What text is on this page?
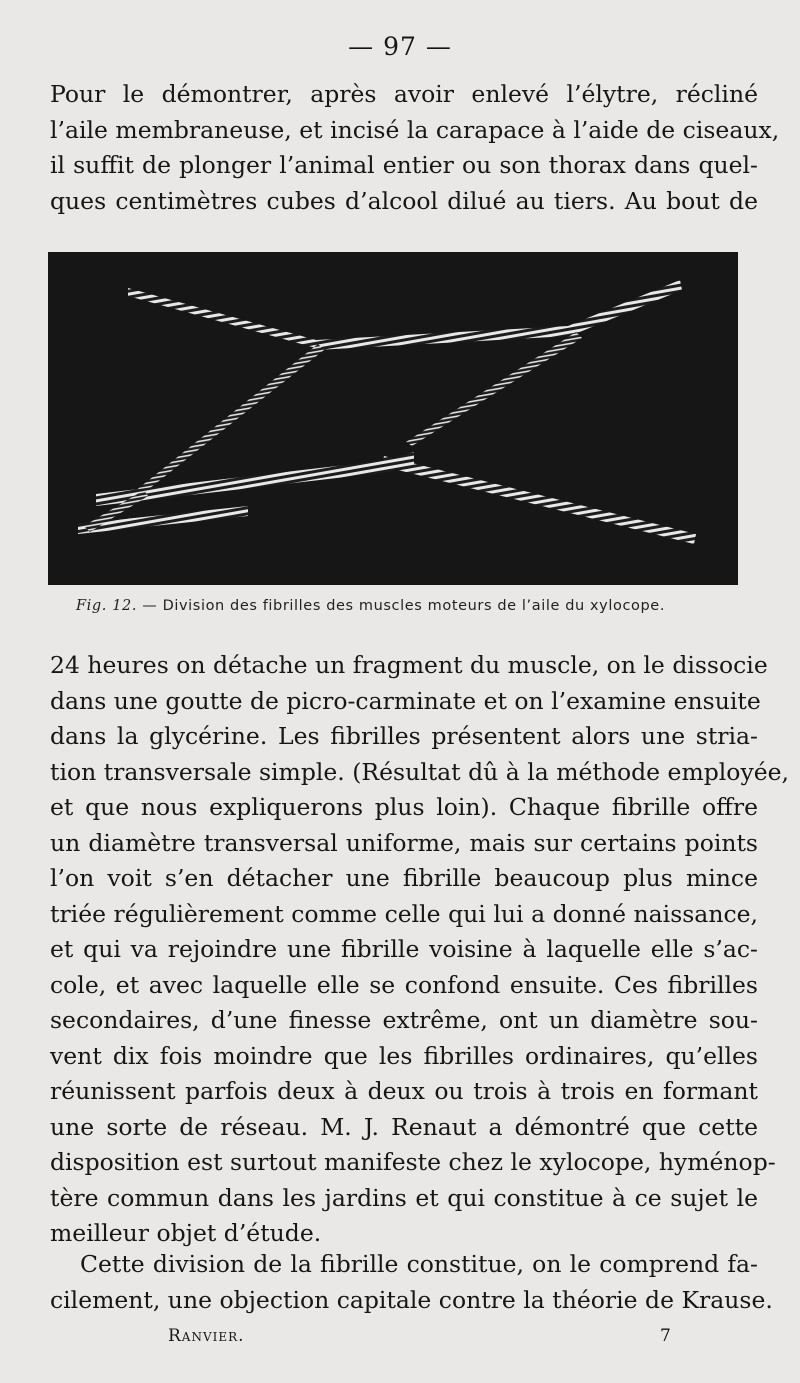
— 97 —

Pour le démontrer, après avoir enlevé l’élytre, récliné
l’aile membraneuse, et incisé la carapace à l’aide de ciseaux,
il suffit de plonger l’animal entier ou son thorax dans quel-
ques centimètres cubes d’alcool dilué au tiers. Au bout de

Fig. 12. — Division des fibrilles des muscles moteurs de l’aile du xylocope.

24 heures on détache un fragment du muscle, on le dissocie
dans une goutte de picro-carminate et on l’examine ensuite
dans la glycérine. Les fibrilles présentent alors une stria-
tion transversale simple. (Résultat dû à la méthode employée,
et que nous expliquerons plus loin). Chaque fibrille offre
un diamètre transversal uniforme, mais sur certains points
l’on voit s’en détacher une fibrille beaucoup plus mince
triée régulièrement comme celle qui lui a donné naissance,
et qui va rejoindre une fibrille voisine à laquelle elle s’ac-
cole, et avec laquelle elle se confond ensuite. Ces fibrilles
secondaires, d’une finesse extrême, ont un diamètre sou-
vent dix fois moindre que les fibrilles ordinaires, qu’elles
réunissent parfois deux à deux ou trois à trois en formant
une sorte de réseau. M. J. Renaut a démontré que cette
disposition est surtout manifeste chez le xylocope, hyménop-
tère commun dans les jardins et qui constitue à ce sujet le
meilleur objet d’étude.

Cette division de la fibrille constitue, on le comprend fa-
cilement, une objection capitale contre la théorie de Krause.

Ranvier.	7
